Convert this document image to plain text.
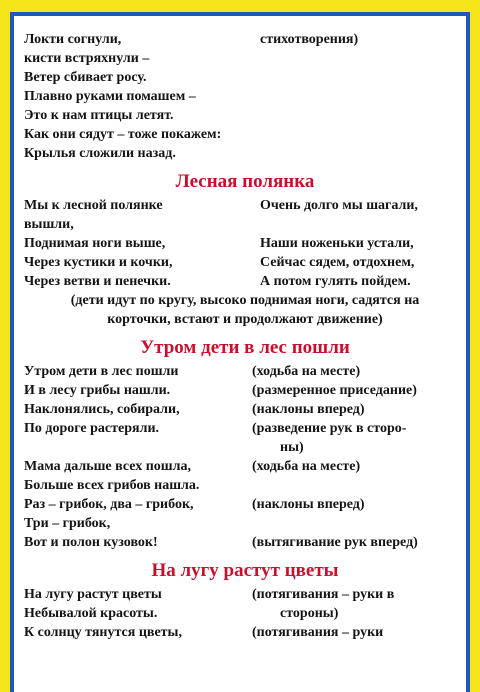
Локти согнули,	стихотворения)
кисти встряхнули –
Ветер сбивает росу.
Плавно руками помашем –
Это к нам птицы летят.
Как они сядут – тоже покажем:
Крылья сложили назад.
Лесная полянка
Мы к лесной полянке	Очень долго мы шагали,
вышли,
Поднимая ноги выше,	Наши ноженьки устали,
Через кустики и кочки,	Сейчас сядем, отдохнем,
Через ветви и пенечки.	А потом гулять пойдем.
(дети идут по кругу, высоко поднимая ноги, садятся на
корточки, встают и продолжают движение)
Утром дети в лес пошли
Утром дети в лес пошли	(ходьба на месте)
И в лесу грибы нашли.	(размеренное приседание)
Наклонялись, собирали,	(наклоны вперед)
По дороге растеряли.	(разведение рук в сторо-
ны)
Мама дальше всех пошла,	(ходьба на месте)
Больше всех грибов нашла.
Раз – грибок, два – грибок,	(наклоны вперед)
Три – грибок,
Вот и полон кузовок!	(вытягивание рук вперед)
На лугу растут цветы
На лугу растут цветы	(потягивания – руки в
Небывалой красоты.	стороны)
К солнцу тянутся цветы,	(потягивания – руки
